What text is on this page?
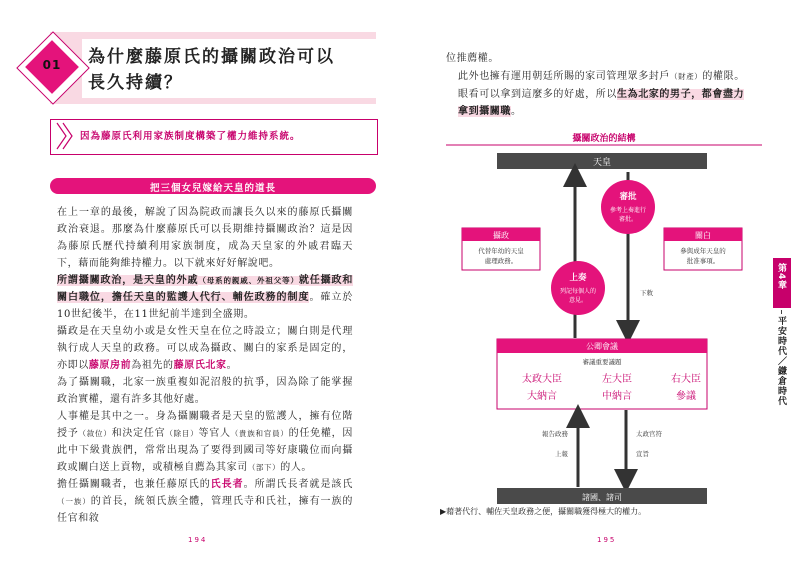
為什麼藤原氏的攝關政治可以
長久持續？
01
因為藤原氏利用家族制度構築了權力維持系統。
把三個女兒嫁給天皇的道長
在上一章的最後，解說了因為院政而讓長久以來的藤原氏攝關政治衰退。那麼為什麼藤原氏可以長期維持攝關政治？這是因為藤原氏歷代持續利用家族制度，成為天皇家的外戚君臨天下，藉而能夠維持權力。以下就來好好解說吧。
所謂攝關政治，是天皇的外戚（母系的親戚、外祖父等）就任攝政和關白職位，擔任天皇的監護人代行、輔佐政務的制度。確立於10世紀後半，在11世紀前半達到全盛期。
攝政是在天皇幼小或是女性天皇在位之時設立；關白則是代理執行成人天皇的政務。可以成為攝政、關白的家系是固定的，亦即以藤原房前為祖先的藤原氏北家。
為了攝關職，北家一族重複如泥沼般的抗爭，因為除了能掌握政治實權，還有許多其他好處。
人事權是其中之一。身為攝關職者是天皇的監護人，擁有位階授予（敘位）和決定任官（除目）等官人（貴族和官員）的任免權，因此中下級貴族們，常常出現為了要得到國司等好康職位而向攝政或關白送上貢物，或積極自薦為其家司（部下）的人。
擔任攝關職者，也兼任藤原氏的氏長者。所謂氏長者就是該氏（一族）的首長，統領氏族全體，管理氏寺和氏社，擁有一族的任官和敘
194
位推薦權。
此外也擁有運用朝廷所賜的家司管理眾多封戶（財產）的權限。
眼看可以拿到這麼多的好處，所以生為北家的男子，都會盡力拿到攝關職。
攝關政治的結構
天皇
審批
參考上奏進行
審批。
上奏
列記每個人的
意見。
下敕
攝政
代替年幼的天皇
處理政務。
關白
參與成年天皇的
批准事項。
公卿會議
審議重要議題
太政大臣	左大臣	右大臣
大納言	中納言	參議
報告政務
上報
太政官符
宣旨
諸國、諸司
▶藉著代行、輔佐天皇政務之便，攝關職獲得極大的權力。
第4章
平安時代／鎌倉時代
195
